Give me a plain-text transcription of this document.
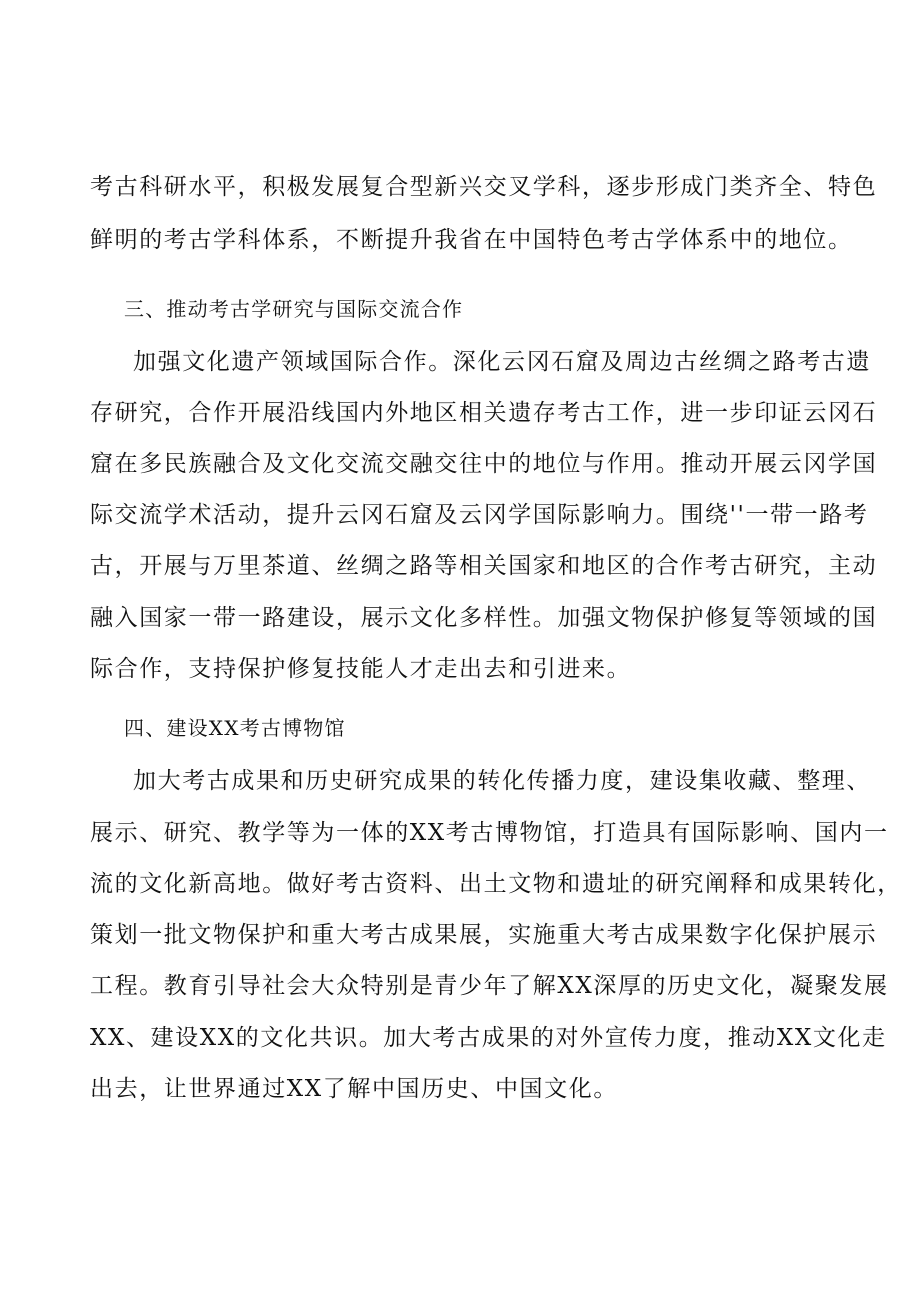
考古科研水平，积极发展复合型新兴交叉学科，逐步形成门类齐全、特色
鲜明的考古学科体系，不断提升我省在中国特色考古学体系中的地位。
三、推动考古学研究与国际交流合作
加强文化遗产领域国际合作。深化云冈石窟及周边古丝绸之路考古遗
存研究，合作开展沿线国内外地区相关遗存考古工作，进一步印证云冈石
窟在多民族融合及文化交流交融交往中的地位与作用。推动开展云冈学国
际交流学术活动，提升云冈石窟及云冈学国际影响力。围绕''一带一路考
古，开展与万里茶道、丝绸之路等相关国家和地区的合作考古研究，主动
融入国家一带一路建设，展示文化多样性。加强文物保护修复等领域的国
际合作，支持保护修复技能人才走出去和引进来。
四、建设XX考古博物馆
加大考古成果和历史研究成果的转化传播力度，建设集收藏、整理、
展示、研究、教学等为一体的XX考古博物馆，打造具有国际影响、国内一
流的文化新高地。做好考古资料、出土文物和遗址的研究阐释和成果转化，
策划一批文物保护和重大考古成果展，实施重大考古成果数字化保护展示
工程。教育引导社会大众特别是青少年了解XX深厚的历史文化，凝聚发展
XX、建设XX的文化共识。加大考古成果的对外宣传力度，推动XX文化走
出去，让世界通过XX了解中国历史、中国文化。
